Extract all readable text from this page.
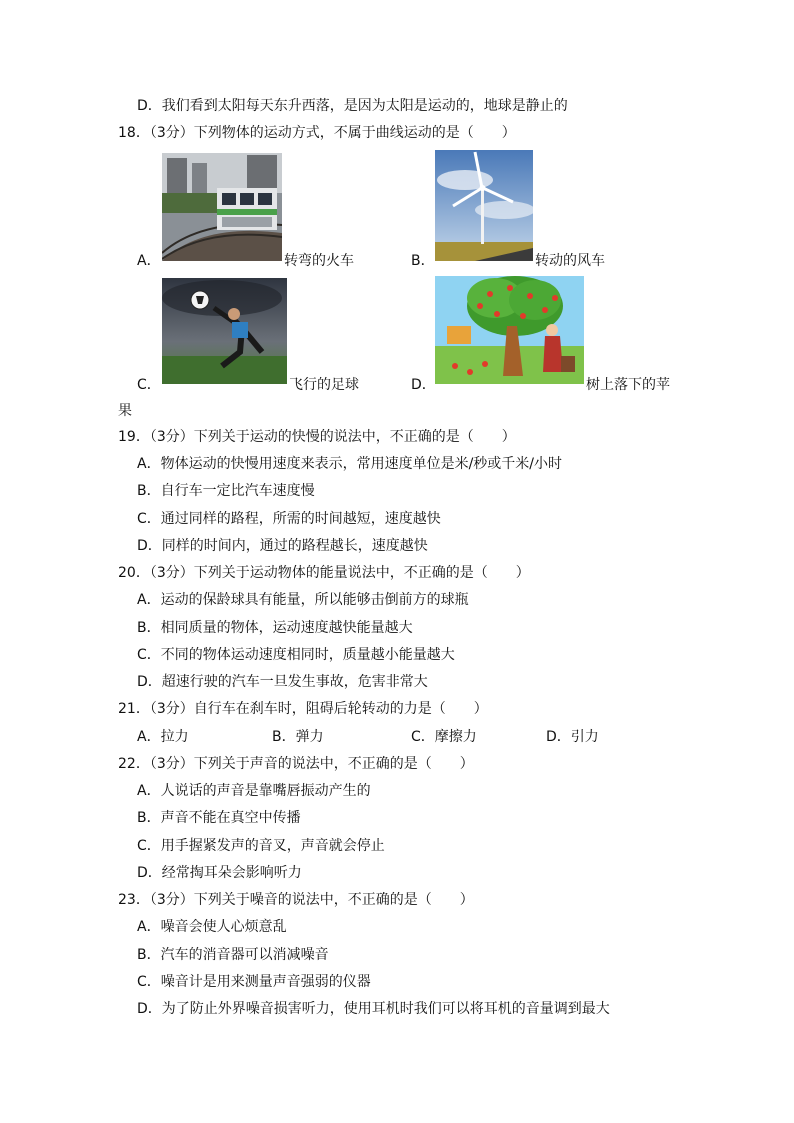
D．我们看到太阳每天东升西落，是因为太阳是运动的，地球是静止的
18．（3分）下列物体的运动方式，不属于曲线运动的是（　　）
A．	转弯的火车	B．	转动的风车
C．	飞行的足球	D．	树上落下的苹
果
19．（3分）下列关于运动的快慢的说法中，不正确的是（　　）
A．物体运动的快慢用速度来表示，常用速度单位是米/秒或千米/小时
B．自行车一定比汽车速度慢
C．通过同样的路程，所需的时间越短，速度越快
D．同样的时间内，通过的路程越长，速度越快
20．（3分）下列关于运动物体的能量说法中，不正确的是（　　）
A．运动的保龄球具有能量，所以能够击倒前方的球瓶
B．相同质量的物体，运动速度越快能量越大
C．不同的物体运动速度相同时，质量越小能量越大
D．超速行驶的汽车一旦发生事故，危害非常大
21．（3分）自行车在刹车时，阻碍后轮转动的力是（　　）
A．拉力	B．弹力	C．摩擦力	D．引力
22．（3分）下列关于声音的说法中，不正确的是（　　）
A．人说话的声音是靠嘴唇振动产生的
B．声音不能在真空中传播
C．用手握紧发声的音叉，声音就会停止
D．经常掏耳朵会影响听力
23．（3分）下列关于噪音的说法中，不正确的是（　　）
A．噪音会使人心烦意乱
B．汽车的消音器可以消减噪音
C．噪音计是用来测量声音强弱的仪器
D．为了防止外界噪音损害听力，使用耳机时我们可以将耳机的音量调到最大
